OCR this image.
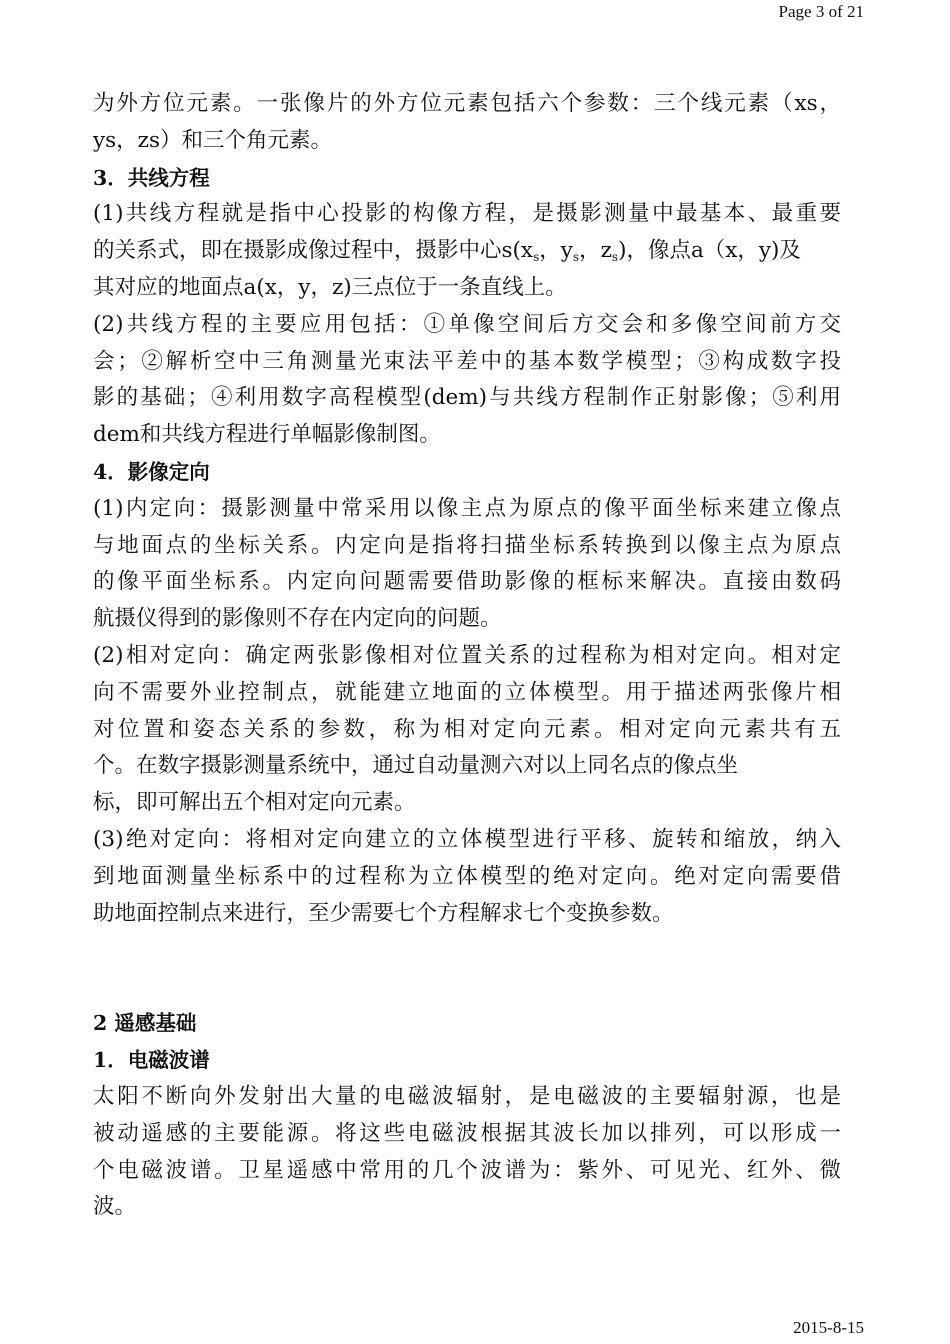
Page 3 of 21
为外方位元素。一张像片的外方位元素包括六个参数：三个线元素（xs，
ys，zs）和三个角元素。
3．共线方程
(1)共线方程就是指中心投影的构像方程，是摄影测量中最基本、最重要
的关系式，即在摄影成像过程中，摄影中心$s(x_s$，$y_s$，$z_s$)，像点a（x，y)及
其对应的地面点a(x，y，z)三点位于一条直线上。
(2)共线方程的主要应用包括：①单像空间后方交会和多像空间前方交
会；②解析空中三角测量光束法平差中的基本数学模型；③构成数字投
影的基础；④利用数字高程模型(dem)与共线方程制作正射影像；⑤利用
dem和共线方程进行单幅影像制图。
4．影像定向
(1)内定向：摄影测量中常采用以像主点为原点的像平面坐标来建立像点
与地面点的坐标关系。内定向是指将扫描坐标系转换到以像主点为原点
的像平面坐标系。内定向问题需要借助影像的框标来解决。直接由数码
航摄仪得到的影像则不存在内定向的问题。
(2)相对定向：确定两张影像相对位置关系的过程称为相对定向。相对定
向不需要外业控制点，就能建立地面的立体模型。用于描述两张像片相
对位置和姿态关系的参数，称为相对定向元素。相对定向元素共有五
个。在数字摄影测量系统中，通过自动量测六对以上同名点的像点坐
标，即可解出五个相对定向元素。
(3)绝对定向：将相对定向建立的立体模型进行平移、旋转和缩放，纳入
到地面测量坐标系中的过程称为立体模型的绝对定向。绝对定向需要借
助地面控制点来进行，至少需要七个方程解求七个变换参数。
2 遥感基础
1．电磁波谱
太阳不断向外发射出大量的电磁波辐射，是电磁波的主要辐射源，也是
被动遥感的主要能源。将这些电磁波根据其波长加以排列，可以形成一
个电磁波谱。卫星遥感中常用的几个波谱为：紫外、可见光、红外、微
波。
2015-8-15
